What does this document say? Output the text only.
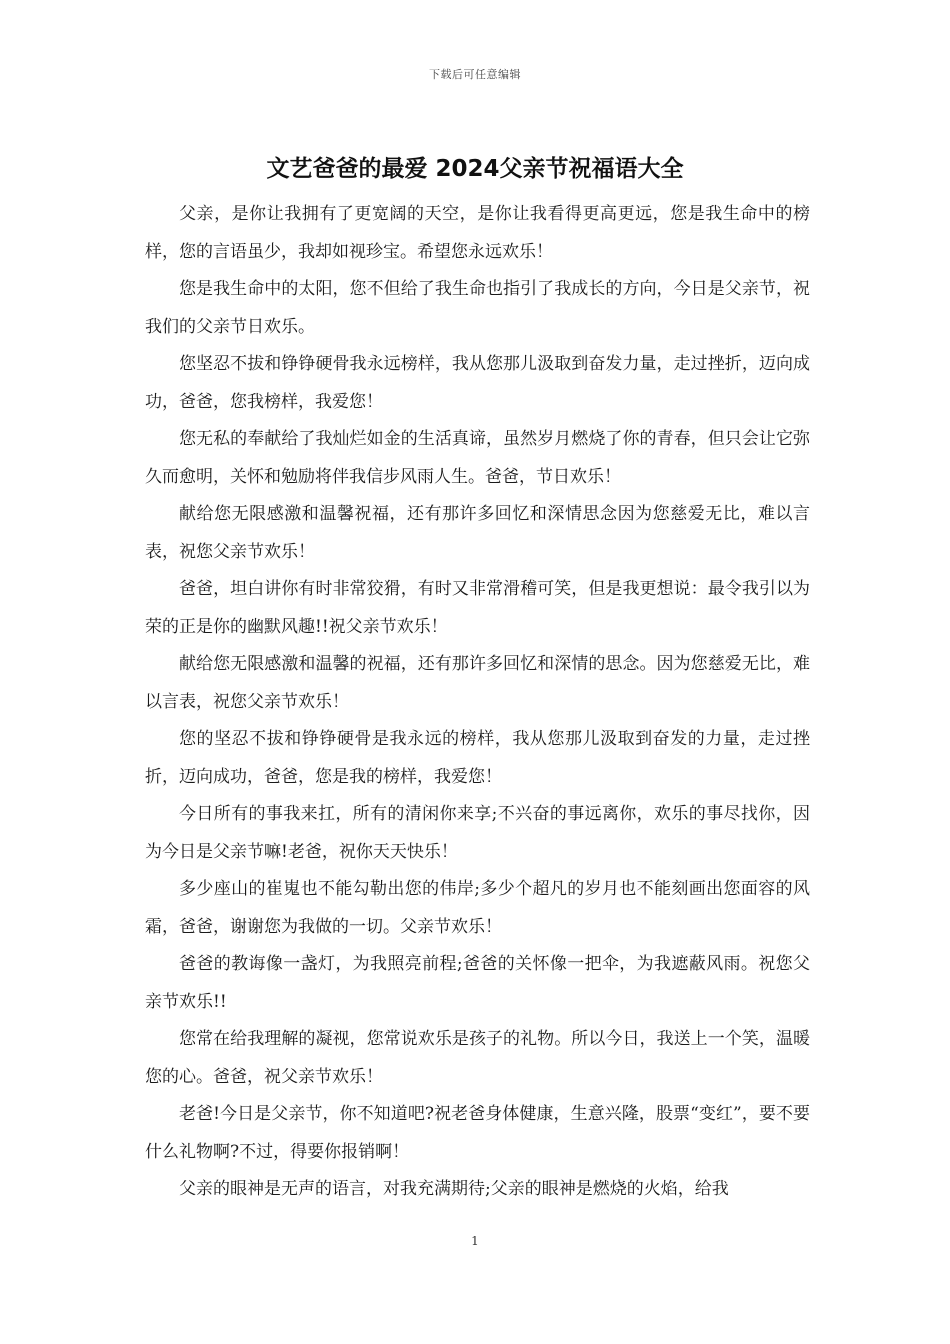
下载后可任意编辑
文艺爸爸的最爱 2024父亲节祝福语大全

父亲，是你让我拥有了更宽阔的天空，是你让我看得更高更远，您是我生命中的榜样，您的言语虽少，我却如视珍宝。希望您永远欢乐！

您是我生命中的太阳，您不但给了我生命也指引了我成长的方向，今日是父亲节，祝我们的父亲节日欢乐。

您坚忍不拔和铮铮硬骨我永远榜样，我从您那儿汲取到奋发力量，走过挫折，迈向成功，爸爸，您我榜样，我爱您！

您无私的奉献给了我灿烂如金的生活真谛，虽然岁月燃烧了你的青春，但只会让它弥久而愈明，关怀和勉励将伴我信步风雨人生。爸爸，节日欢乐！

献给您无限感激和温馨祝福，还有那许多回忆和深情思念因为您慈爱无比，难以言表，祝您父亲节欢乐！

爸爸，坦白讲你有时非常狡猾，有时又非常滑稽可笑，但是我更想说：最令我引以为荣的正是你的幽默风趣!!祝父亲节欢乐！

献给您无限感激和温馨的祝福，还有那许多回忆和深情的思念。因为您慈爱无比，难以言表，祝您父亲节欢乐！

您的坚忍不拔和铮铮硬骨是我永远的榜样，我从您那儿汲取到奋发的力量，走过挫折，迈向成功，爸爸，您是我的榜样，我爱您！

今日所有的事我来扛，所有的清闲你来享;不兴奋的事远离你，欢乐的事尽找你，因为今日是父亲节嘛!老爸，祝你天天快乐！

多少座山的崔嵬也不能勾勒出您的伟岸;多少个超凡的岁月也不能刻画出您面容的风霜，爸爸，谢谢您为我做的一切。父亲节欢乐！

爸爸的教诲像一盏灯，为我照亮前程;爸爸的关怀像一把伞，为我遮蔽风雨。祝您父亲节欢乐!!

您常在给我理解的凝视，您常说欢乐是孩子的礼物。所以今日，我送上一个笑，温暖您的心。爸爸，祝父亲节欢乐！

老爸!今日是父亲节，你不知道吧?祝老爸身体健康，生意兴隆，股票“变红”，要不要什么礼物啊?不过，得要你报销啊！

父亲的眼神是无声的语言，对我充满期待;父亲的眼神是燃烧的火焰，给我

1
